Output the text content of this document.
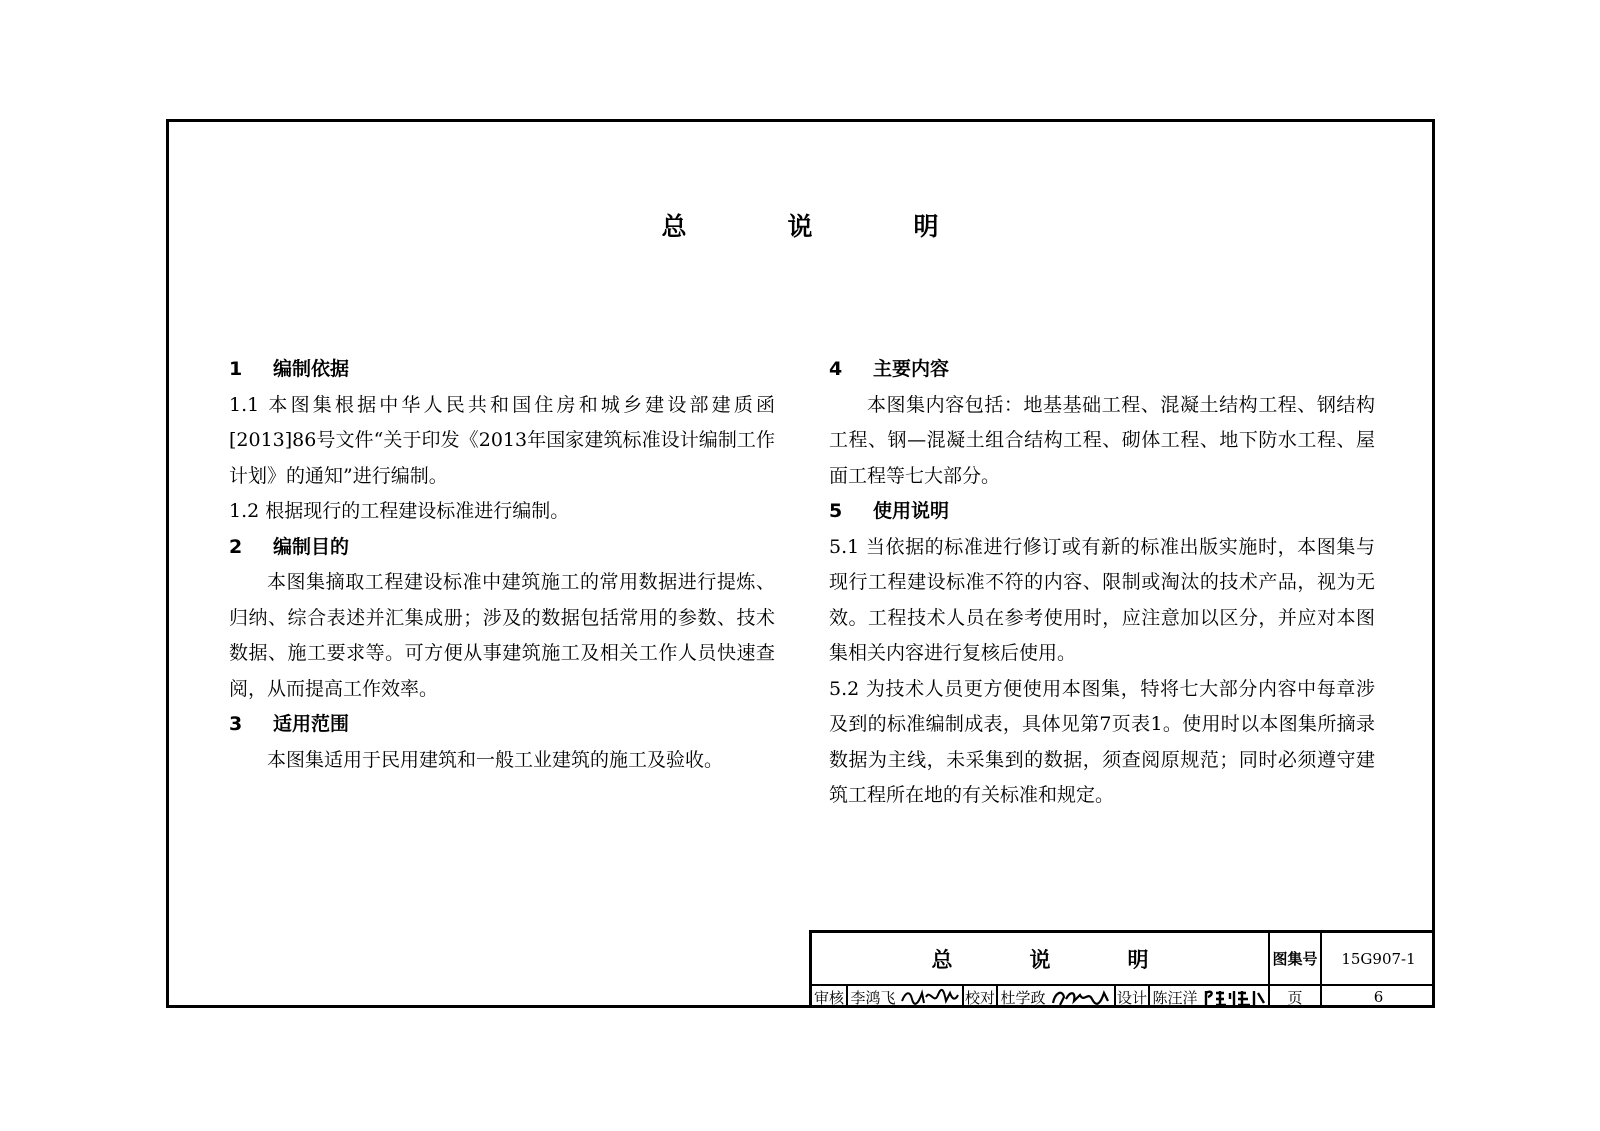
总　说　明
1	编制依据
1.1 本图集根据中华人民共和国住房和城乡建设部建质函[2013]86号文件“关于印发《2013年国家建筑标准设计编制工作计划》的通知”进行编制。
1.2 根据现行的工程建设标准进行编制。
2	编制目的
本图集摘取工程建设标准中建筑施工的常用数据进行提炼、归纳、综合表述并汇集成册；涉及的数据包括常用的参数、技术数据、施工要求等。可方便从事建筑施工及相关工作人员快速查阅，从而提高工作效率。
3	适用范围
本图集适用于民用建筑和一般工业建筑的施工及验收。
4	主要内容
本图集内容包括：地基基础工程、混凝土结构工程、钢结构工程、钢—混凝土组合结构工程、砌体工程、地下防水工程、屋面工程等七大部分。
5	使用说明
5.1 当依据的标准进行修订或有新的标准出版实施时，本图集与现行工程建设标准不符的内容、限制或淘汰的技术产品，视为无效。工程技术人员在参考使用时，应注意加以区分，并应对本图集相关内容进行复核后使用。
5.2 为技术人员更方便使用本图集，特将七大部分内容中每章涉及到的标准编制成表，具体见第7页表1。使用时以本图集所摘录数据为主线，未采集到的数据，须查阅原规范；同时必须遵守建筑工程所在地的有关标准和规定。
总　说　明	图集号	15G907-1
审核 李鸿飞	校对 杜学政	设计 陈汪洋	页	6
